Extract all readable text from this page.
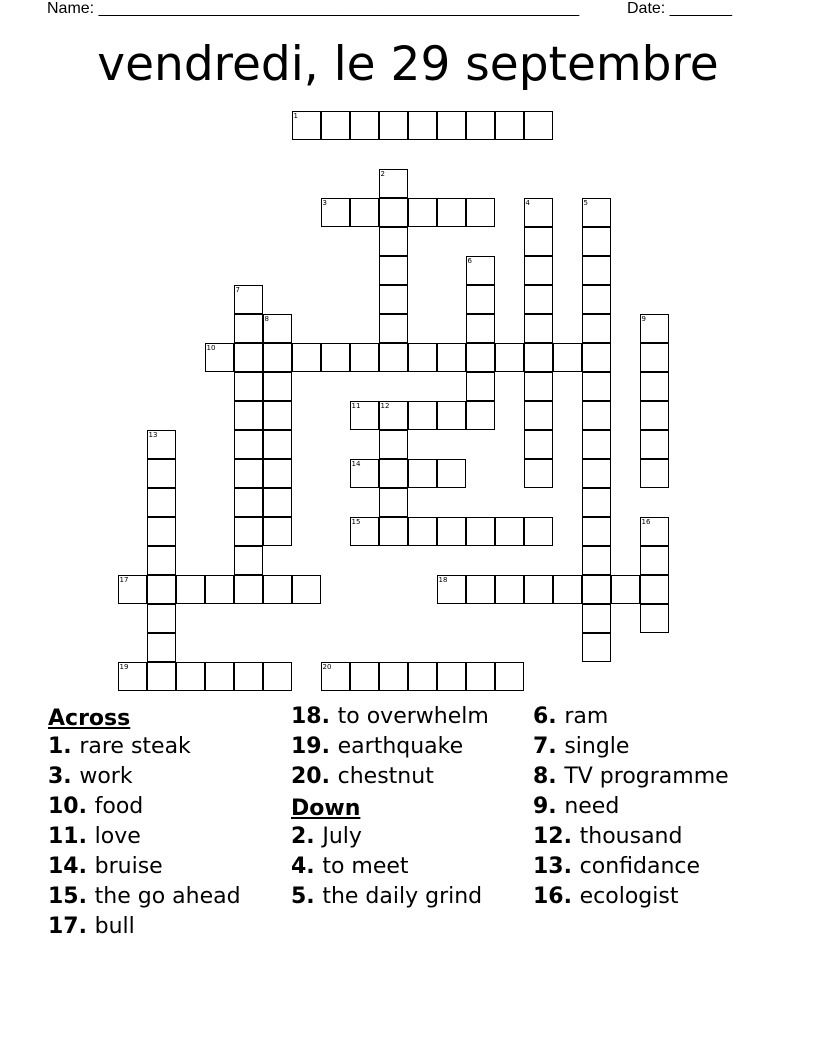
Name: ______________________________________________________	Date: _______
vendredi, le 29 septembre
1
2
3	4	5
6
7
8	9
10
11	12
13
14
15	16
17	18
19	20
Across
1. rare steak
3. work
10. food
11. love
14. bruise
15. the go ahead
17. bull
18. to overwhelm
19. earthquake
20. chestnut
Down
2. July
4. to meet
5. the daily grind
6. ram
7. single
8. TV programme
9. need
12. thousand
13. confidance
16. ecologist
